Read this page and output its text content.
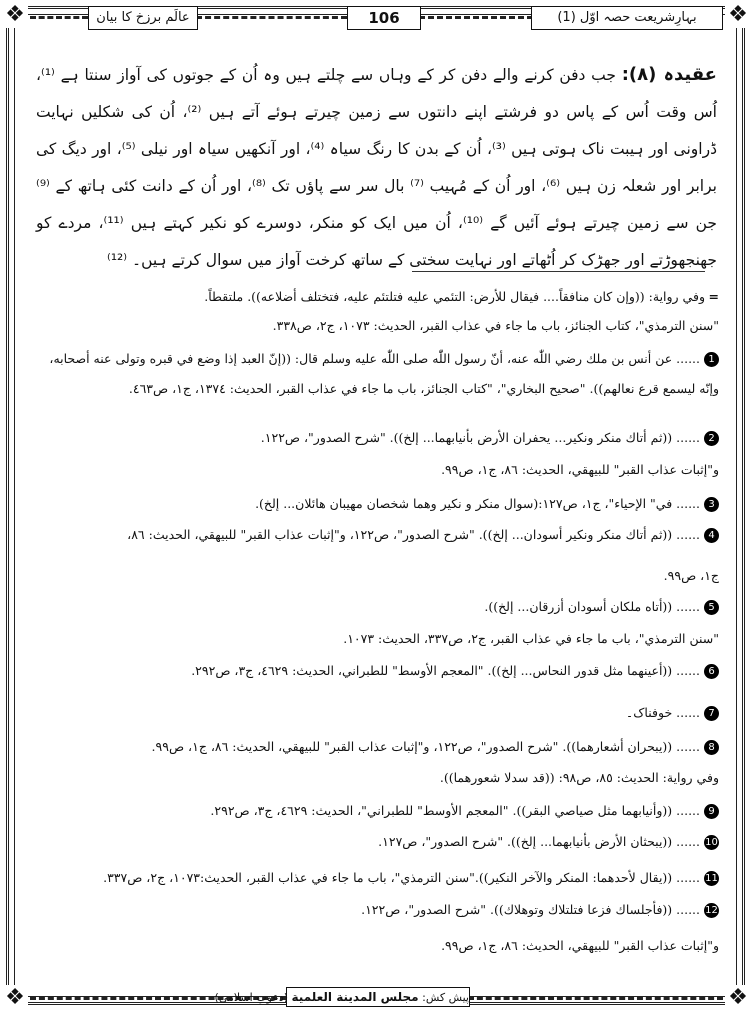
❖	❖
❖	❖
بہارِشریعت حصہ اوّل (1)
106
عالَم برزخ کا بیان
عقیدہ (۸): جب دفن کرنے والے دفن کر کے وہاں سے چلتے ہیں وہ اُن کے جوتوں کی آواز سنتا ہے ⁽¹⁾، اُس وقت اُس کے پاس دو فرشتے اپنے دانتوں سے زمین چیرتے ہوئے آتے ہیں ⁽²⁾، اُن کی شکلیں نہایت ڈراونی اور ہیبت ناک ہوتی ہیں ⁽³⁾، اُن کے بدن کا رنگ سیاہ ⁽⁴⁾، اور آنکھیں سیاہ اور نیلی ⁽⁵⁾، اور دیگ کی برابر اور شعلہ زن ہیں ⁽⁶⁾، اور اُن کے مُہیب ⁽⁷⁾ بال سر سے پاؤں تک ⁽⁸⁾، اور اُن کے دانت کئی ہاتھ کے ⁽⁹⁾ جن سے زمین چیرتے ہوئے آئیں گے ⁽¹⁰⁾، اُن میں ایک کو منکر، دوسرے کو نکیر کہتے ہیں ⁽¹¹⁾، مردے کو جھنجھوڑتے اور جھڑک کر اُٹھاتے اور نہایت سختی کے ساتھ کرخت آواز میں سوال کرتے ہیں۔ ⁽¹²⁾
=وفي رواية: ((وإن كان منافقاً.... فيقال للأرض: التئمي عليه فتلتئم عليه، فتختلف أضلاعه)). ملتقطاً.
"سنن الترمذي"، كتاب الجنائز، باب ما جاء في عذاب القبر، الحديث: ١٠٧٣، ج٢، ص٣٣٨.
1...... عن أنس بن ملك رضي اللّٰه عنه، أنّ رسول اللّٰه صلى اللّٰه عليه وسلم قال: ((إنّ العبد إذا وضع في قبره وتولى عنه أصحابه،
وإنّه ليسمع قرع نعالهم)). "صحيح البخاري"، "كتاب الجنائز، باب ما جاء في عذاب القبر، الحديث: ١٣٧٤، ج١، ص٤٦٣.
2...... ((ثم أتاك منكر ونكير... يحفران الأرض بأنيابهما... إلخ)). "شرح الصدور"، ص١٢٢.
و"إثبات عذاب القبر" للبيهقي، الحديث: ٨٦، ج١، ص٩٩.
3...... في" الإحياء"، ج١، ص١٢٧:(سوال منكر و نكير وهما شخصان مهيبان هائلان... إلخ).
4...... ((ثم أتاك منكر ونكير أسودان... إلخ)). "شرح الصدور"، ص١٢٢، و"إثبات عذاب القبر" للبيهقي، الحديث: ٨٦،
ج١، ص٩٩.
5...... ((أتاه ملكان أسودان أزرقان... إلخ)).
"سنن الترمذي"، باب ما جاء في عذاب القبر، ج٢، ص٣٣٧، الحديث: ١٠٧٣.
6...... ((أعينهما مثل قدور النحاس... إلخ)). "المعجم الأوسط" للطبراني، الحديث: ٤٦٢٩، ج٣، ص٢٩٢.
7...... خوفناک۔
8...... ((يبحران أشعارهما)). "شرح الصدور"، ص١٢٢، و"إثبات عذاب القبر" للبيهقي، الحديث: ٨٦، ج١، ص٩٩.
وفي رواية: الحديث: ٨٥، ص٩٨: ((قد سدلا شعورهما)).
9...... ((وأنيابهما مثل صياصي البقر)). "المعجم الأوسط" للطبراني"، الحديث: ٤٦٢٩، ج٣، ص٢٩٢.
10...... ((يبحثان الأرض بأنيابهما... إلخ)). "شرح الصدور"، ص١٢٧.
11...... ((يقال لأحدهما: المنكر والآخر النكير))."سنن الترمذي"، باب ما جاء في عذاب القبر، الحديث:١٠٧٣، ج٢، ص٣٣٧.
12...... ((فأجلساك فزعا فتلتلاك وتوهلاك)). "شرح الصدور"، ص١٢٢.
و"إثبات عذاب القبر" للبيهقي، الحديث: ٨٦، ج١، ص٩٩.
پیش کش: مجلس المدينة العلمية (دعوتِ اسلامی)
